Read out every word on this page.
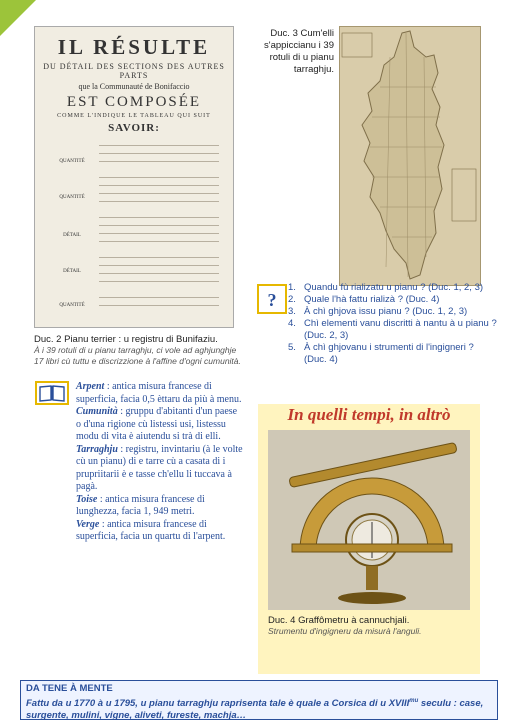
IL RÉSULTE
DU DÉTAIL DES SECTIONS DES AUTRES PARTS
que la Communauté de Bonifaccio
EST COMPOSÉE
COMME L'INDIQUE LE TABLEAU QUI SUIT
SAVOIR:
QUANTITÉ
QUANTITÉ
DÉTAIL
DÉTAIL
QUANTITÉ
Duc. 2 Pianu terrier : u registru di Bunifaziu.
À i 39 rotuli di u pianu tarraghju, ci vole ad aghjunghje 17 libri cù tuttu e discrizzione à l'affine d'ogni cumunità.
Duc. 3 Cum'elli s'appiccianu i 39 rotuli di u pianu tarraghju.
?
1. Quandu fù rializatu u pianu ? (Duc. 1, 2, 3)
2. Quale l'hà fattu rializà ? (Duc. 4)
3. À chì ghjova issu pianu ? (Duc. 1, 2, 3)
4. Chì elementi vanu discritti à nantu à u pianu ? (Duc. 2, 3)
5. À chì ghjovanu i strumenti di l'ingigneri ? (Duc. 4)
Arpent : antica misura francese di superficia, facia 0,5 èttaru da più à menu.
Cumunità : gruppu d'abitanti d'un paese o d'una rigione cù listessi usi, listessu modu di vita è aiutendu si trà di elli.
Tarraghju : registru, invintariu (à le volte cù un pianu) di e tarre cù a casata di i prupriitarii è e tasse ch'ellu li tuccava à pagà.
Toise : antica misura francese di lunghezza, facia 1, 949 metri.
Verge : antica misura francese di superficia, facia un quartu di l'arpent.
In quelli tempi, in altrò
Duc. 4 Graffômetru à cannuchjali.
Strumentu d'ingigneru da misurà l'anguli.
DA TENE À MENTE
Fattu da u 1770 à u 1795, u pianu tarraghju raprisenta tale è quale a Corsica di u $XVIII^{mu}$ seculu : case, surgente, mulini, vigne, aliveti, fureste, machja…
